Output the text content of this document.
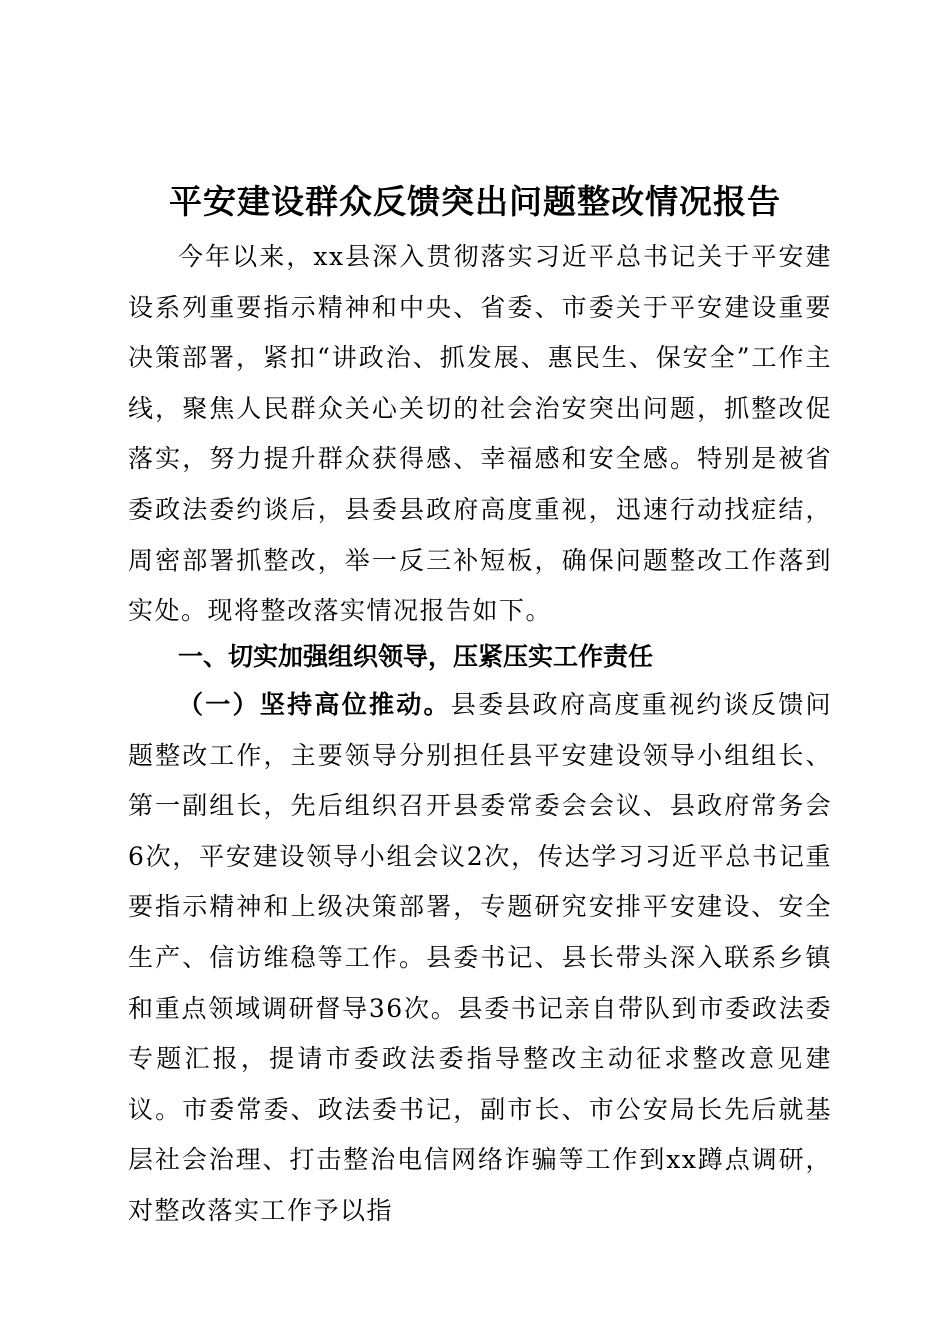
平安建设群众反馈突出问题整改情况报告

今年以来，xx县深入贯彻落实习近平总书记关于平安建设系列重要指示精神和中央、省委、市委关于平安建设重要决策部署，紧扣“讲政治、抓发展、惠民生、保安全”工作主线，聚焦人民群众关心关切的社会治安突出问题，抓整改促落实，努力提升群众获得感、幸福感和安全感。特别是被省委政法委约谈后，县委县政府高度重视，迅速行动找症结，周密部署抓整改，举一反三补短板，确保问题整改工作落到实处。现将整改落实情况报告如下。

一、切实加强组织领导，压紧压实工作责任

（一）坚持高位推动。县委县政府高度重视约谈反馈问题整改工作，主要领导分别担任县平安建设领导小组组长、第一副组长，先后组织召开县委常委会会议、县政府常务会6次，平安建设领导小组会议2次，传达学习习近平总书记重要指示精神和上级决策部署，专题研究安排平安建设、安全生产、信访维稳等工作。县委书记、县长带头深入联系乡镇和重点领域调研督导36次。县委书记亲自带队到市委政法委专题汇报，提请市委政法委指导整改主动征求整改意见建议。市委常委、政法委书记，副市长、市公安局长先后就基层社会治理、打击整治电信网络诈骗等工作到xx蹲点调研，对整改落实工作予以指
